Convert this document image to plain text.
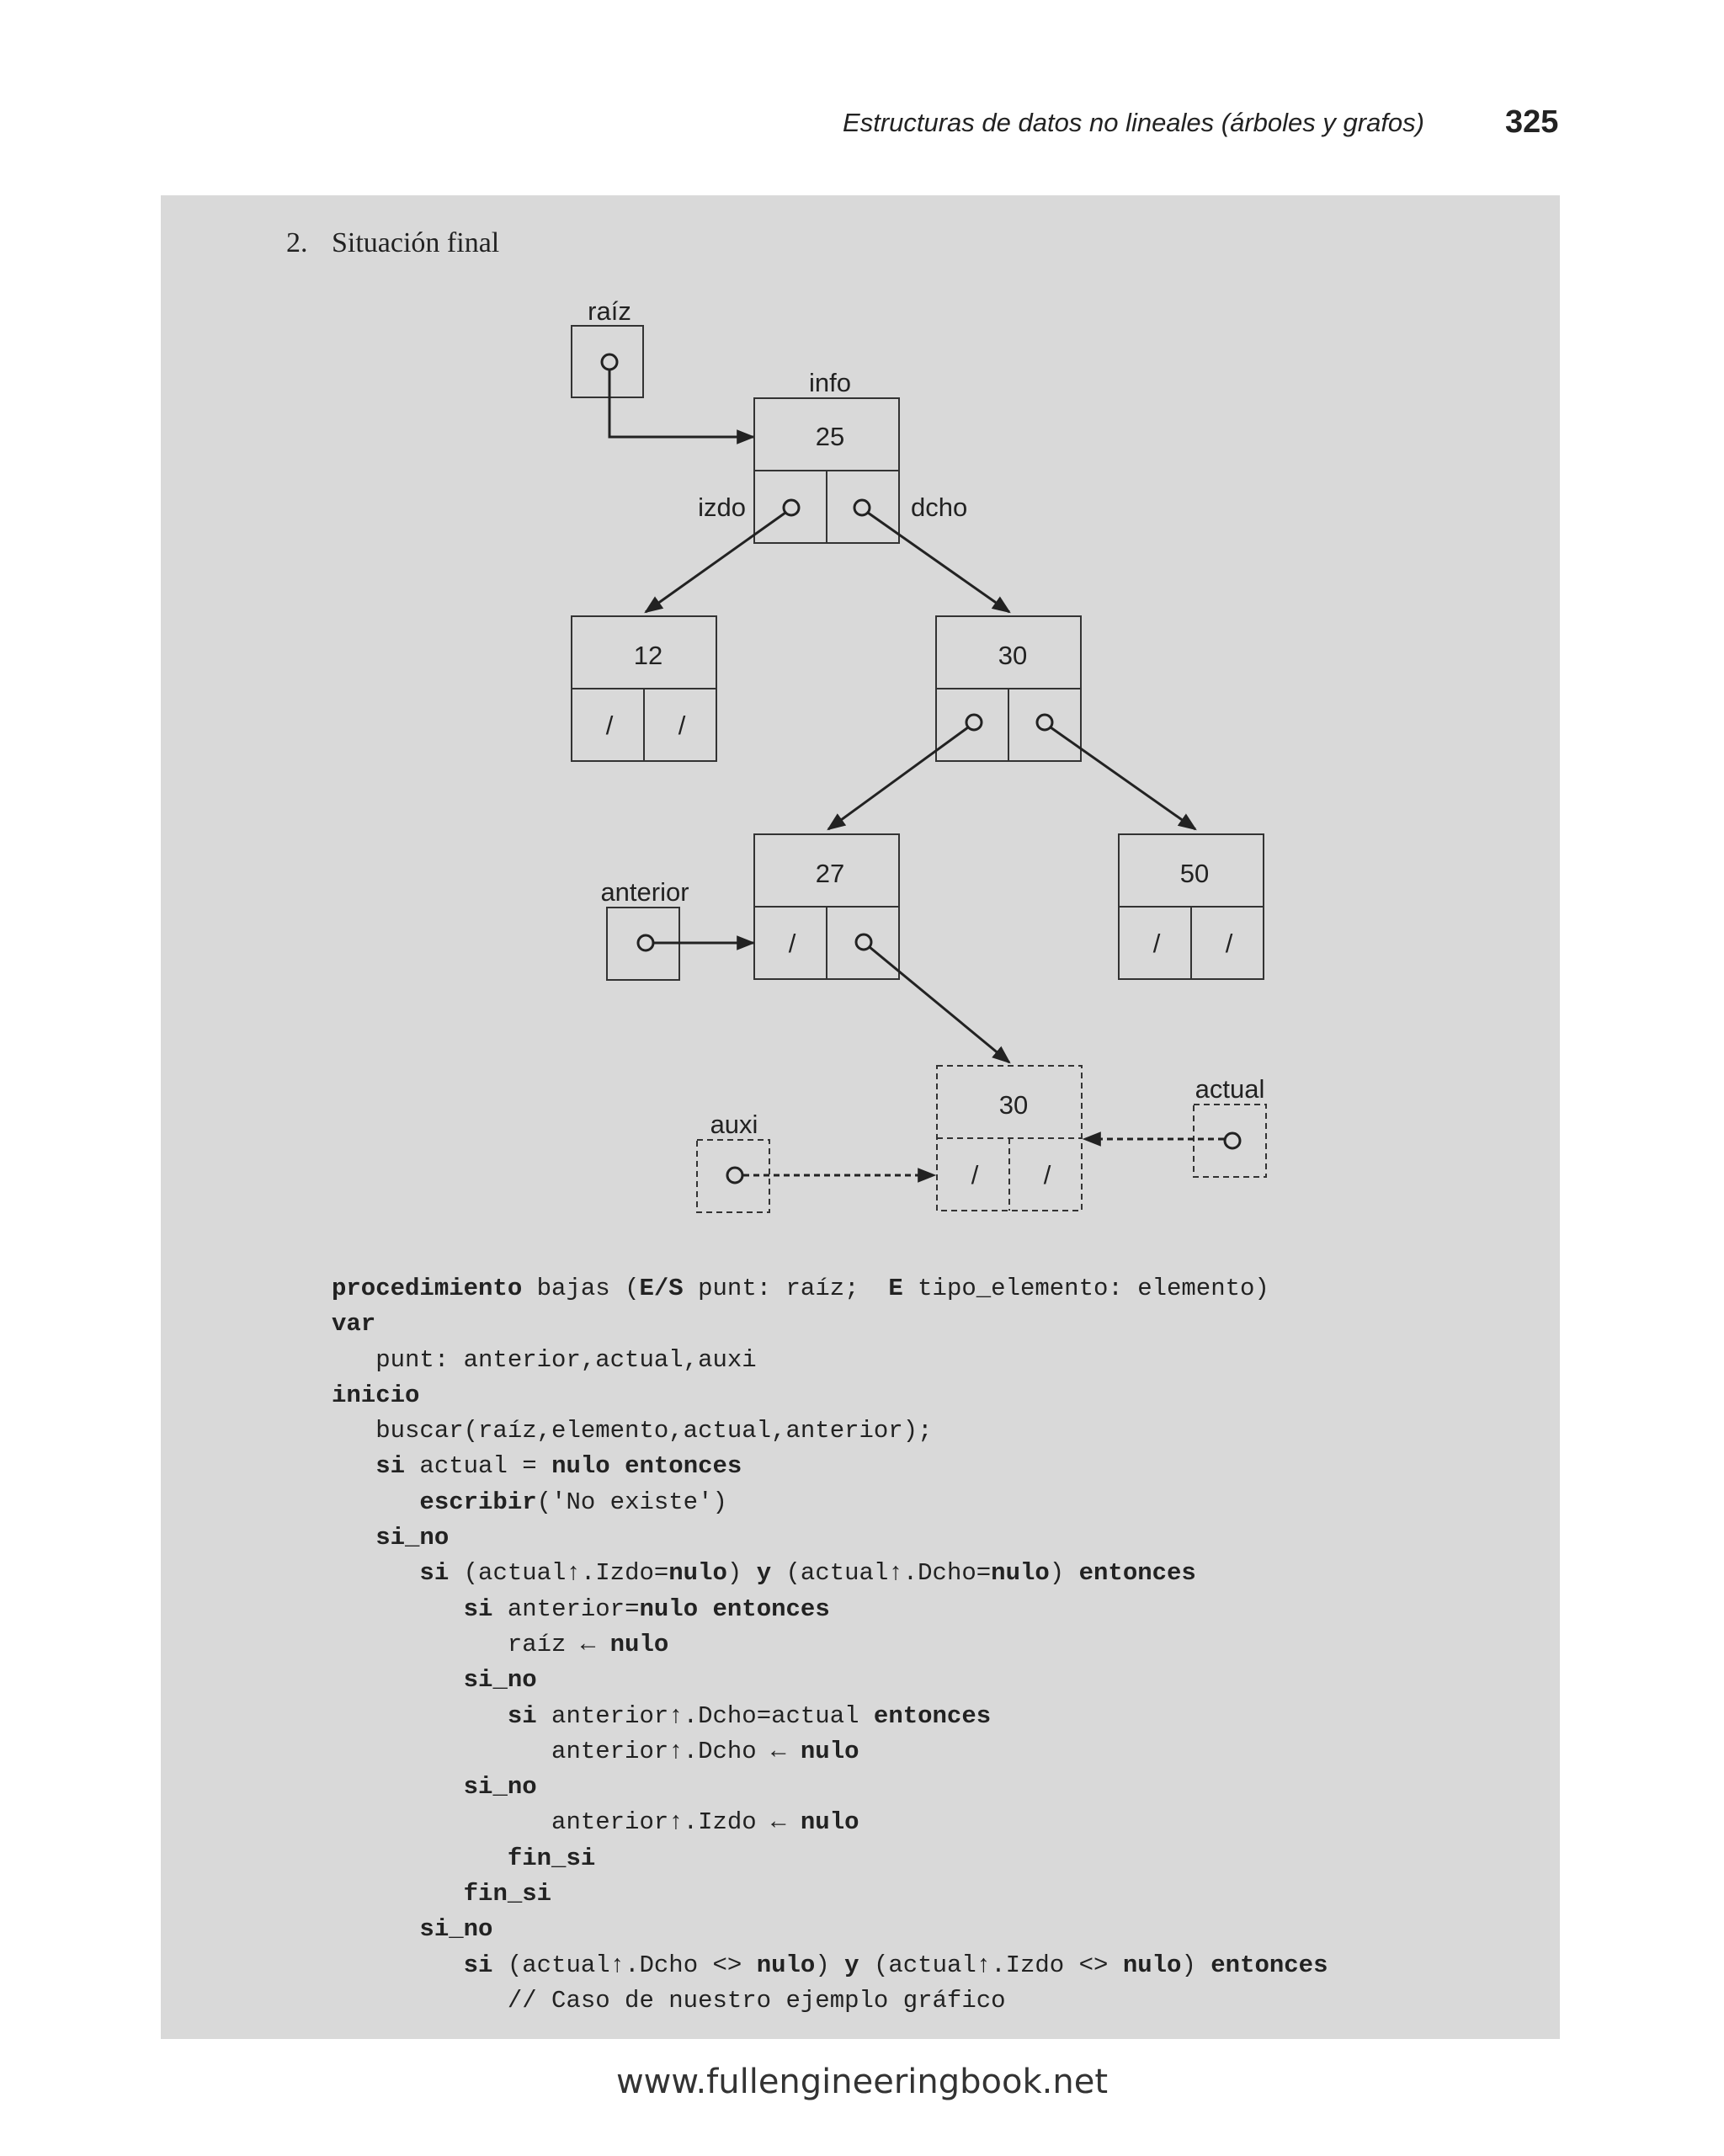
Estructuras de datos no lineales (árboles y grafos)	325
2. Situación final
raíz
info
25
izdo	dcho
12
/ /
30
27
/
50
/ /
anterior
30
/ /
actual
auxi
procedimiento bajas (E/S punt: raíz;  E tipo_elemento: elemento)
var
punt: anterior,actual,auxi
inicio
buscar(raíz,elemento,actual,anterior);
si actual = nulo entonces
escribir('No existe')
si_no
si (actual↑.Izdo=nulo) y (actual↑.Dcho=nulo) entonces
si anterior=nulo entonces
raíz ← nulo
si_no
si anterior↑.Dcho=actual entonces
anterior↑.Dcho ← nulo
si_no
anterior↑.Izdo ← nulo
fin_si
fin_si
si_no
si (actual↑.Dcho <> nulo) y (actual↑.Izdo <> nulo) entonces
// Caso de nuestro ejemplo gráfico
www.fullengineeringbook.net
